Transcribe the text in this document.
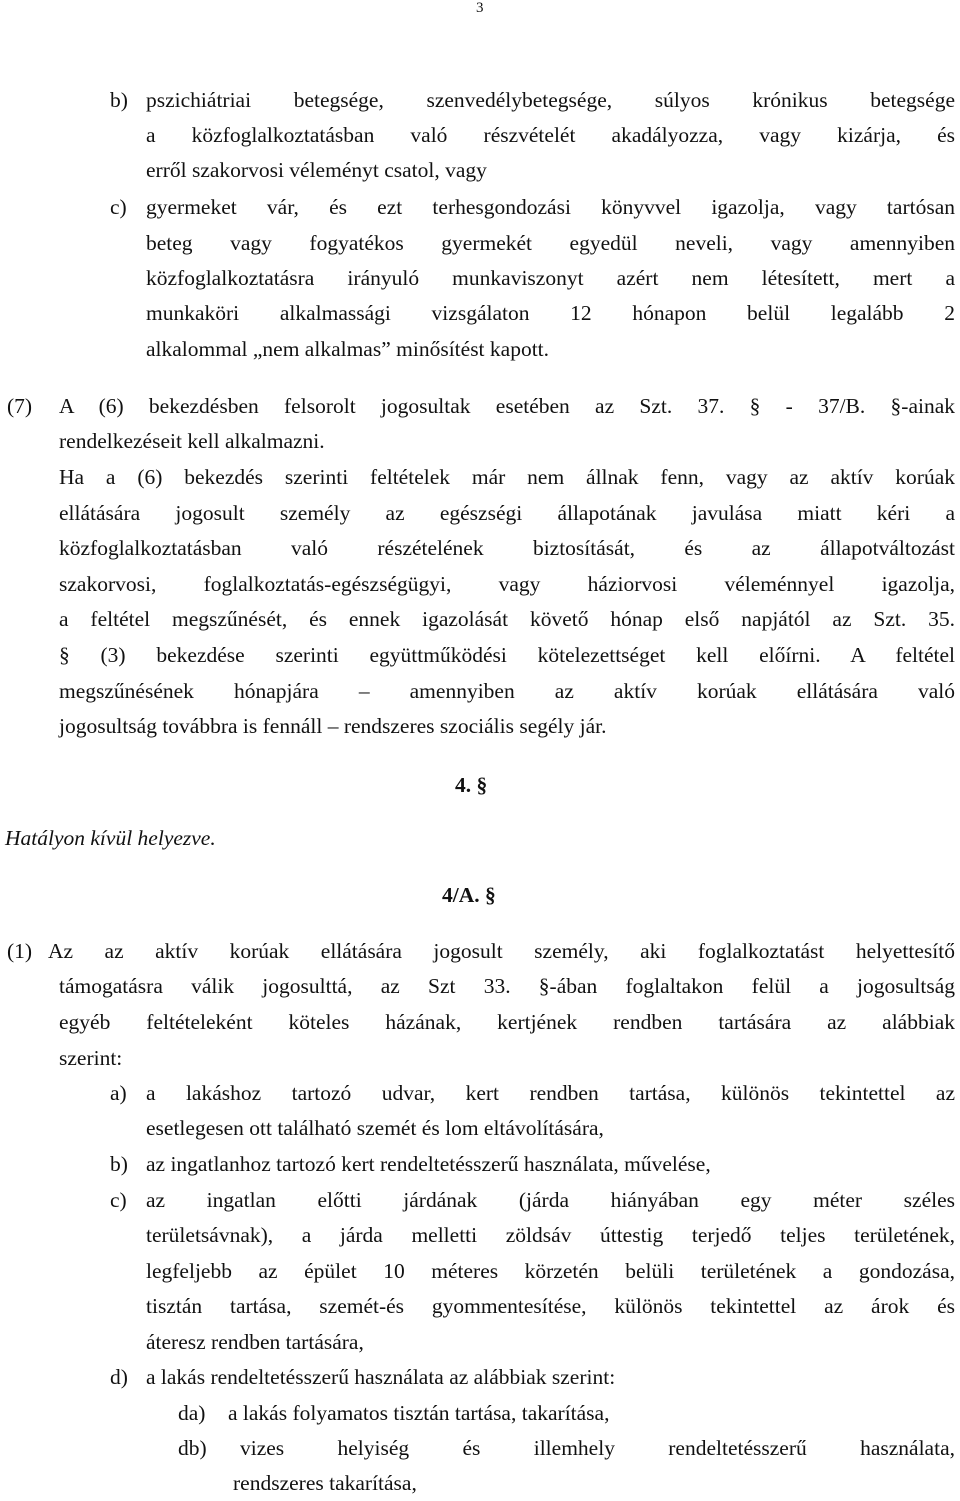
3
b) pszichiátriai betegsége, szenvedélybetegsége, súlyos krónikus betegsége
a közfoglalkoztatásban való részvételét akadályozza, vagy kizárja, és
erről szakorvosi véleményt csatol, vagy
c) gyermeket vár, és ezt terhesgondozási könyvvel igazolja, vagy tartósan
beteg vagy fogyatékos gyermekét egyedül neveli, vagy amennyiben
közfoglalkoztatásra irányuló munkaviszonyt azért nem létesített, mert a
munkaköri alkalmassági vizsgálaton 12 hónapon belül legalább 2
alkalommal „nem alkalmas” minősítést kapott.
(7) A (6) bekezdésben felsorolt jogosultak esetében az Szt. 37. § - 37/B. §-ainak
rendelkezéseit kell alkalmazni.
Ha a (6) bekezdés szerinti feltételek már nem állnak fenn, vagy az aktív korúak
ellátására jogosult személy az egészségi állapotának javulása miatt kéri a
közfoglalkoztatásban való részételének biztosítását, és az állapotváltozást
szakorvosi, foglalkoztatás-egészségügyi, vagy háziorvosi véleménnyel igazolja,
a feltétel megszűnését, és ennek igazolását követő hónap első napjától az Szt. 35.
§ (3) bekezdése szerinti együttműködési kötelezettséget kell előírni. A feltétel
megszűnésének hónapjára – amennyiben az aktív korúak ellátására való
jogosultság továbbra is fennáll – rendszeres szociális segély jár.
4. §
Hatályon kívül helyezve.
4/A. §
(1) Az az aktív korúak ellátására jogosult személy, aki foglalkoztatást helyettesítő
támogatásra válik jogosulttá, az Szt 33. §-ában foglaltakon felül a jogosultság
egyéb feltételeként köteles házának, kertjének rendben tartására az alábbiak
szerint:
a) a lakáshoz tartozó udvar, kert rendben tartása, különös tekintettel az
esetlegesen ott található szemét és lom eltávolítására,
b) az ingatlanhoz tartozó kert rendeltetésszerű használata, művelése,
c) az ingatlan előtti járdának (járda hiányában egy méter széles
területsávnak), a járda melletti zöldsáv úttestig terjedő teljes területének,
legfeljebb az épület 10 méteres körzetén belüli területének a gondozása,
tisztán tartása, szemét-és gyommentesítése, különös tekintettel az árok és
áteresz rendben tartására,
d) a lakás rendeltetésszerű használata az alábbiak szerint:
da) a lakás folyamatos tisztán tartása, takarítása,
db) vizes helyiség és illemhely rendeltetésszerű használata,
rendszeres takarítása,
